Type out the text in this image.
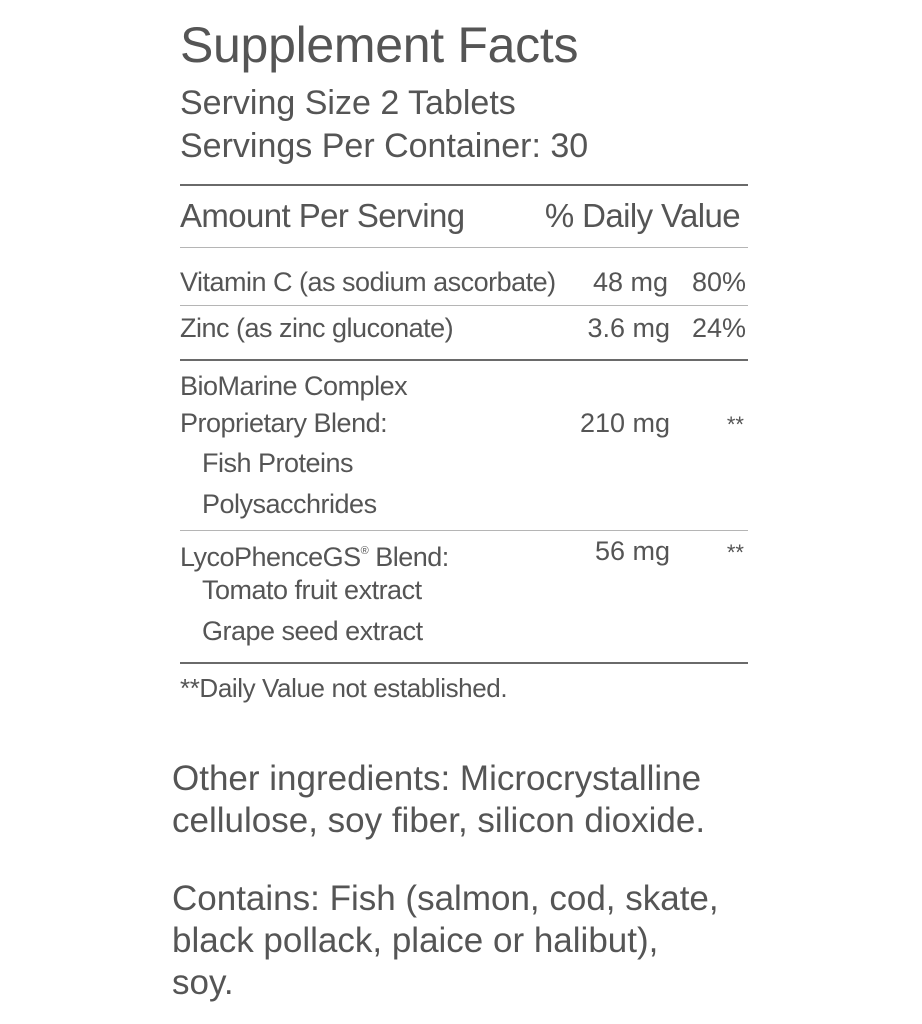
Supplement Facts
Serving Size 2 Tablets
Servings Per Container: 30
Amount Per Serving % Daily Value
Vitamin C (as sodium ascorbate) 48 mg 80%
Zinc (as zinc gluconate)	3.6 mg 24%
BioMarine Complex
Proprietary Blend:
Fish Proteins
Polysacchrides
210 mg	**
LycoPhenceGS® Blend:
Tomato fruit extract
Grape seed extract
56 mg	**
**Daily Value not established.
Other ingredients: Microcrystalline
cellulose, soy fiber, silicon dioxide.
Contains: Fish (salmon, cod, skate,
black pollack, plaice or halibut),
soy.
